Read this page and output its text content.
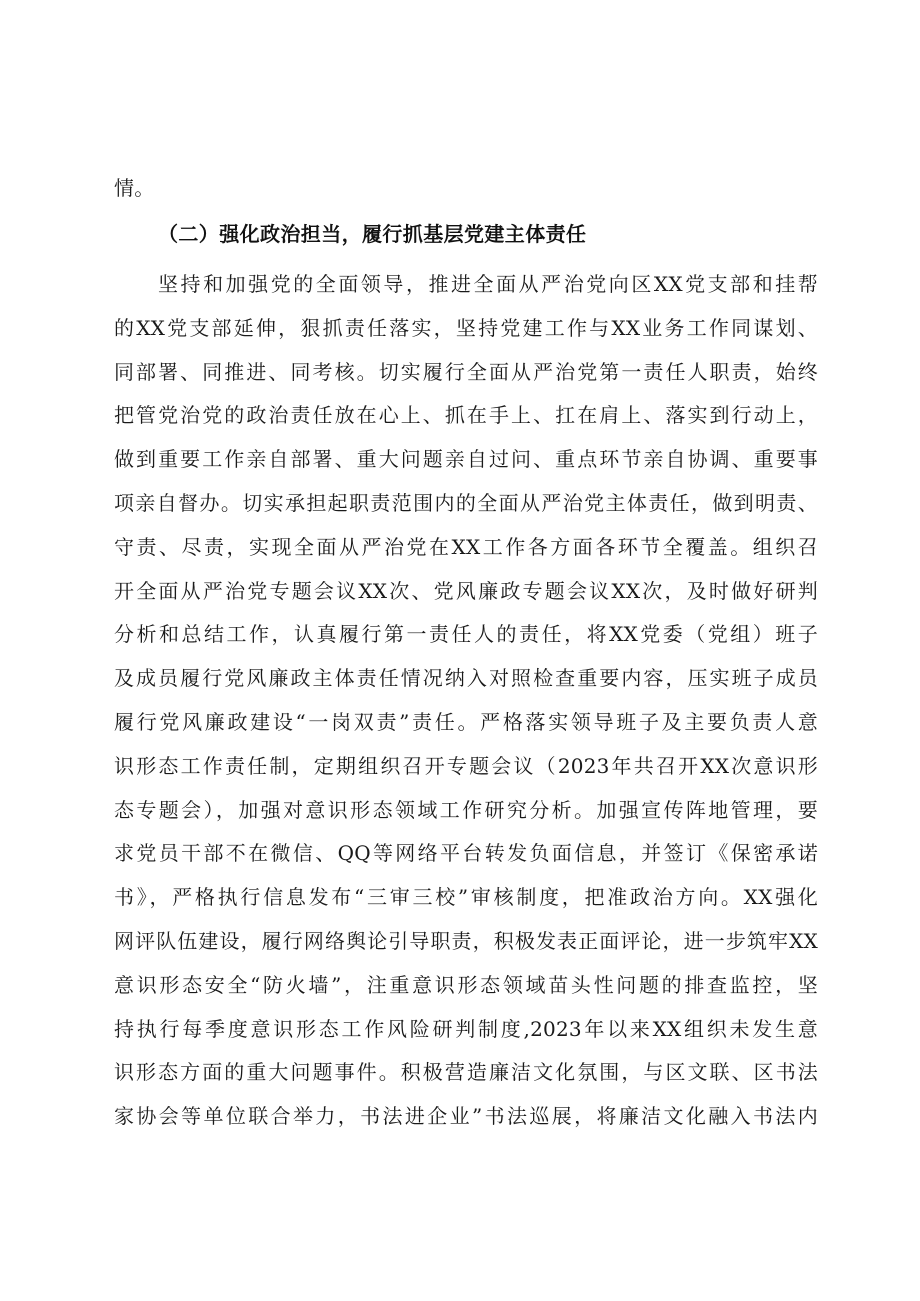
情。
（二）强化政治担当，履行抓基层党建主体责任
坚持和加强党的全面领导，推进全面从严治党向区XX党支部和挂帮
的XX党支部延伸，狠抓责任落实，坚持党建工作与XX业务工作同谋划、
同部署、同推进、同考核。切实履行全面从严治党第一责任人职责，始终
把管党治党的政治责任放在心上、抓在手上、扛在肩上、落实到行动上，
做到重要工作亲自部署、重大问题亲自过问、重点环节亲自协调、重要事
项亲自督办。切实承担起职责范围内的全面从严治党主体责任，做到明责、
守责、尽责，实现全面从严治党在XX工作各方面各环节全覆盖。组织召
开全面从严治党专题会议XX次、党风廉政专题会议XX次，及时做好研判
分析和总结工作，认真履行第一责任人的责任，将XX党委（党组）班子
及成员履行党风廉政主体责任情况纳入对照检查重要内容，压实班子成员
履行党风廉政建设“一岗双责”责任。严格落实领导班子及主要负责人意
识形态工作责任制，定期组织召开专题会议（2023年共召开XX次意识形
态专题会），加强对意识形态领域工作研究分析。加强宣传阵地管理，要
求党员干部不在微信、QQ等网络平台转发负面信息，并签订《保密承诺
书》，严格执行信息发布“三审三校”审核制度，把准政治方向。XX强化
网评队伍建设，履行网络舆论引导职责，积极发表正面评论，进一步筑牢XX
意识形态安全“防火墙”，注重意识形态领域苗头性问题的排查监控，坚
持执行每季度意识形态工作风险研判制度,2023年以来XX组织未发生意
识形态方面的重大问题事件。积极营造廉洁文化氛围，与区文联、区书法
家协会等单位联合举力，书法进企业”书法巡展，将廉洁文化融入书法内
